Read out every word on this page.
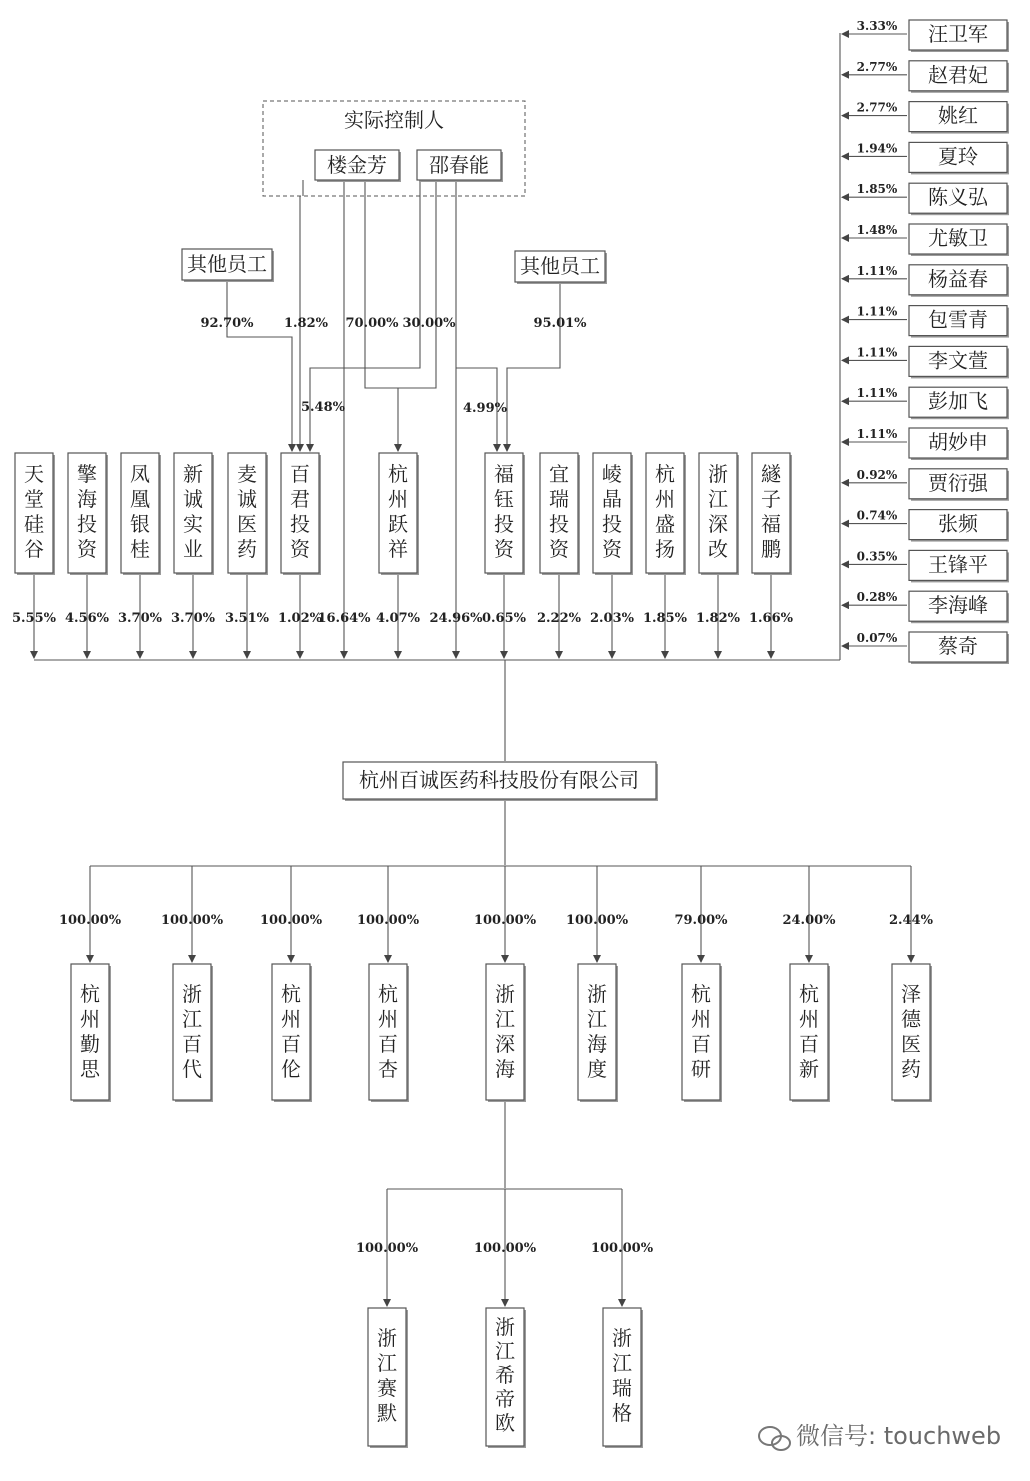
实际控制人
楼金芳 邵春能
其他员工	其他员工
天堂硅谷
5.55%
擎海投资
4.56%
凤凰银桂
3.70%
新诚实业
3.70%
麦诚医药
3.51%
百君投资
1.02%
16.64%
杭州跃祥
4.07% 24.96%
福钰投资
0.65%
宜瑞投资
2.22%
崚晶投资
2.03%
杭州盛扬
1.85%
浙江深改
1.82%
繸子福鹏
1.66%
92.70% 1.82% 70.00% 30.00%
5.48%	4.99%
95.01%
汪卫军
3.33%
赵君妃
2.77%
姚红
2.77%
夏玲
1.94%
陈义弘
1.85%
尤敏卫
1.48%
杨益春
1.11%
包雪青
1.11%
李文萱
1.11%
彭加飞
1.11%
胡妙申
1.11%
贾衍强
0.92%
张频
0.74%
王锋平
0.35%
李海峰
0.28%
蔡奇
0.07%
杭州百诚医药科技股份有限公司
100.00%
杭州勤思
100.00%
浙江百代
100.00%
杭州百伦
100.00%
杭州百杏
100.00%
浙江深海
100.00%
浙江海度
79.00%
杭州百研
24.00%
杭州百新
2.44%
泽德医药
100.00%
浙江赛默
100.00%
浙江希帝欧
100.00%
浙江瑞格
微信号: touchweb
